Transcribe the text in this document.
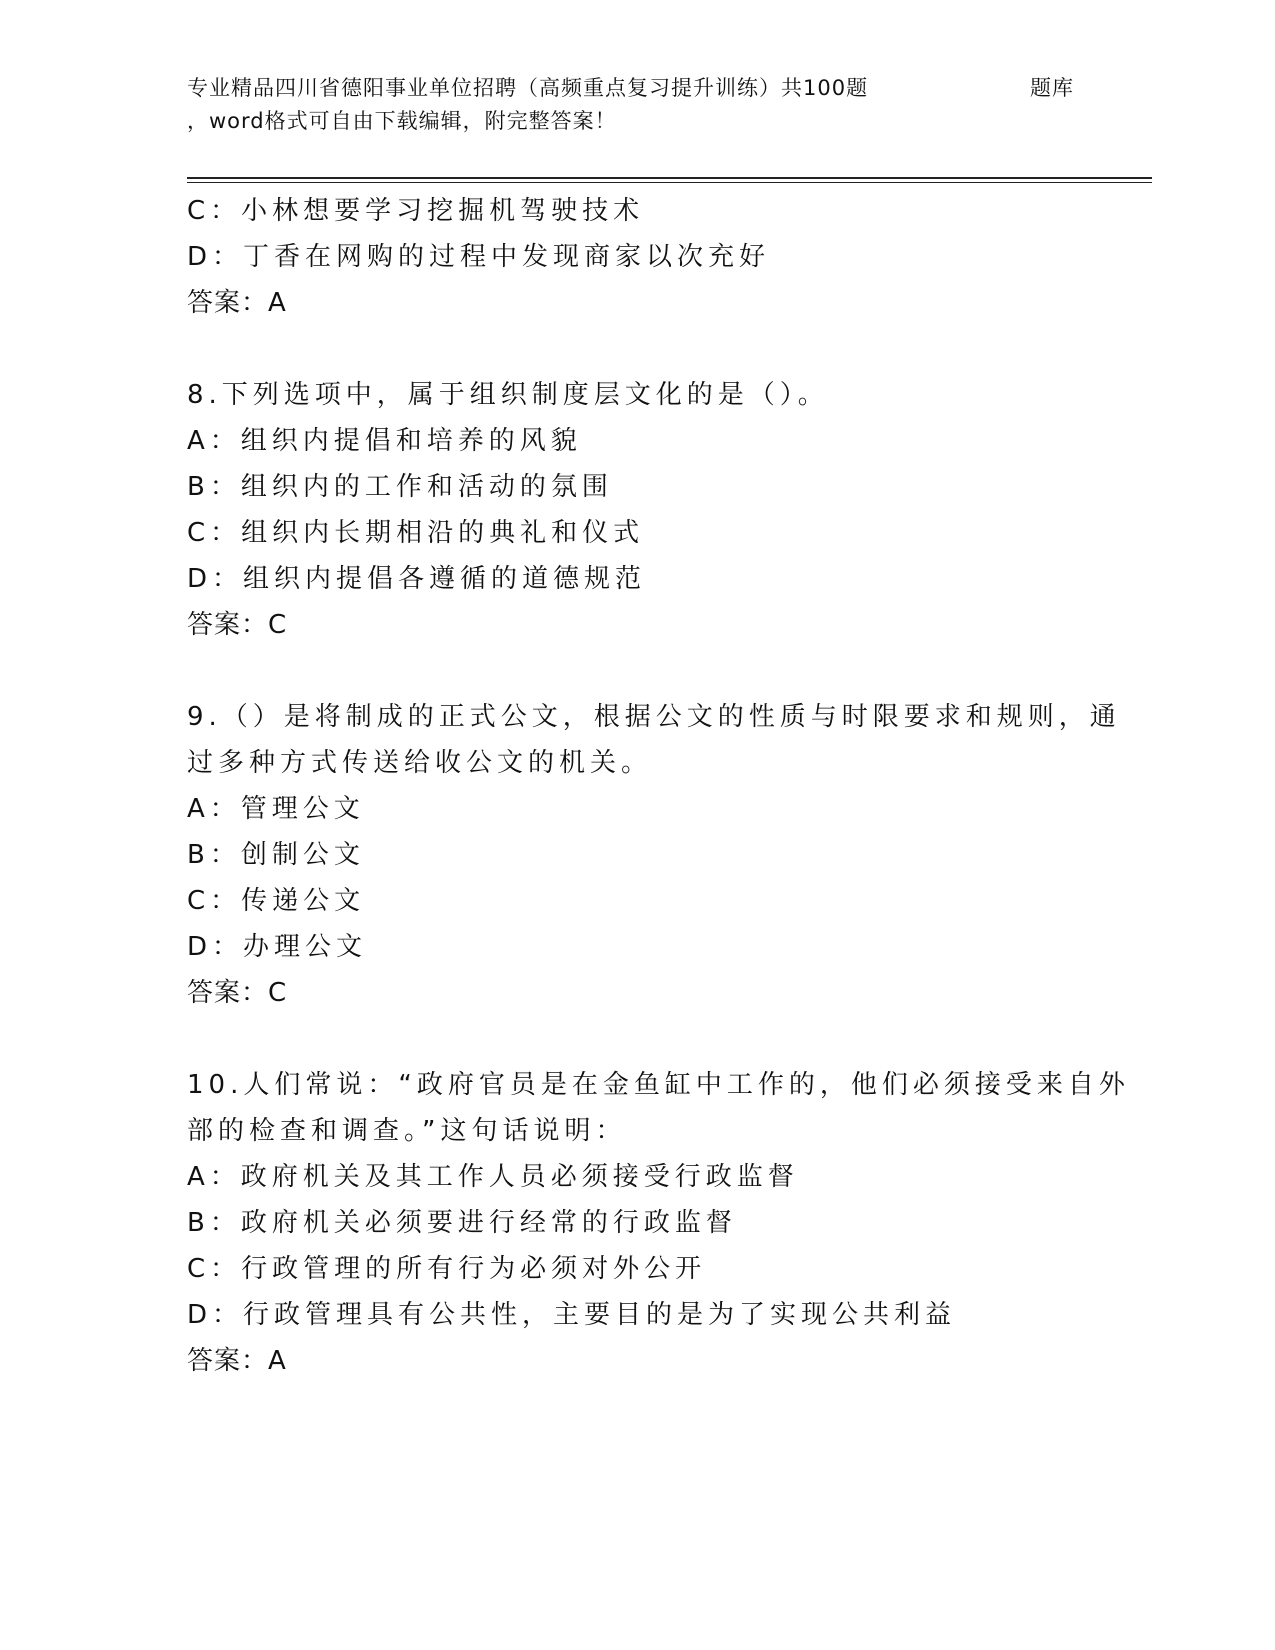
专业精品四川省德阳事业单位招聘（高频重点复习提升训练）共100题	题库
，word格式可自由下载编辑，附完整答案！
C：小林想要学习挖掘机驾驶技术
D：丁香在网购的过程中发现商家以次充好
答案：A
8.下列选项中，属于组织制度层文化的是（）。
A：组织内提倡和培养的风貌
B：组织内的工作和活动的氛围
C：组织内长期相沿的典礼和仪式
D：组织内提倡各遵循的道德规范
答案：C
9.（）是将制成的正式公文，根据公文的性质与时限要求和规则，通
过多种方式传送给收公文的机关。
A：管理公文
B：创制公文
C：传递公文
D：办理公文
答案：C
10.人们常说：“政府官员是在金鱼缸中工作的，他们必须接受来自外
部的检查和调查。”这句话说明：
A：政府机关及其工作人员必须接受行政监督
B：政府机关必须要进行经常的行政监督
C：行政管理的所有行为必须对外公开
D：行政管理具有公共性，主要目的是为了实现公共利益
答案：A
